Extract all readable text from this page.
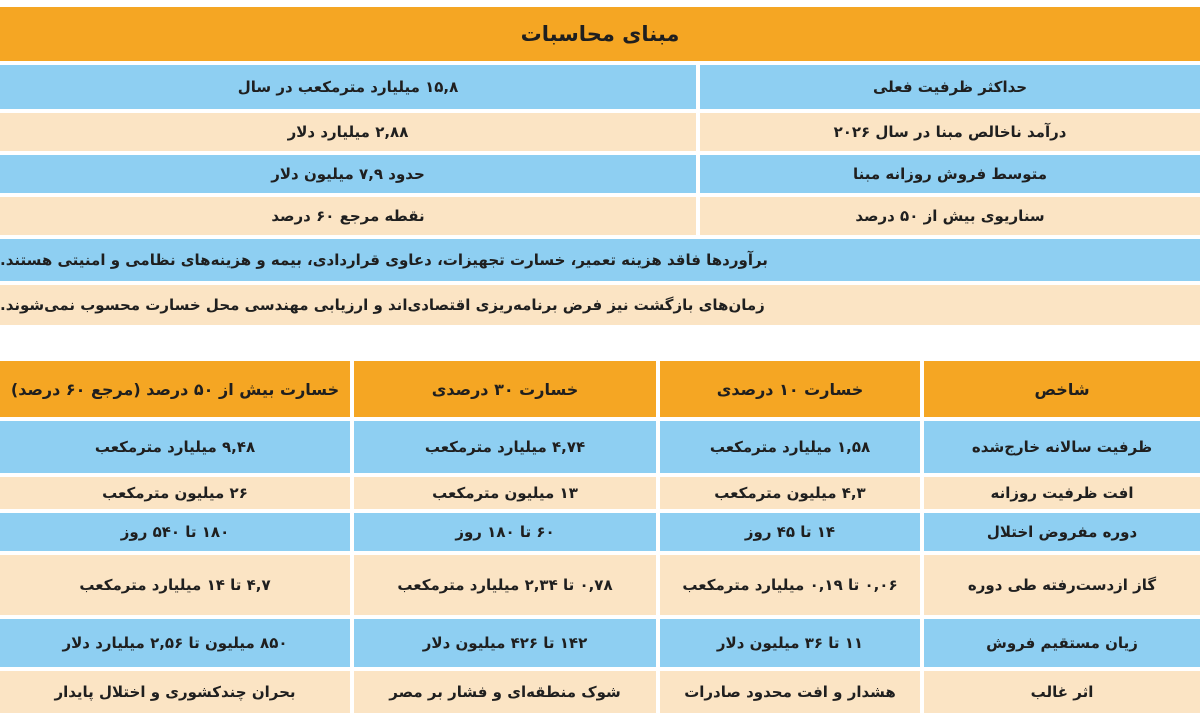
مبنای محاسبات
حداکثر ظرفیت فعلی
۱۵,۸ میلیارد مترمکعب در سال
درآمد ناخالص مبنا در سال ۲۰۲۶
۲,۸۸ میلیارد دلار
متوسط فروش روزانه مبنا
حدود ۷,۹ میلیون دلار
سناریوی بیش از ۵۰ درصد
نقطه مرجع ۶۰ درصد
برآوردها فاقد هزینه تعمیر، خسارت تجهیزات، دعاوی قراردادی، بیمه و هزینه‌های نظامی و امنیتی هستند.
زمان‌های بازگشت نیز فرض برنامه‌ریزی اقتصادی‌اند و ارزیابی مهندسی محل خسارت محسوب نمی‌شوند.
شاخص
خسارت ۱۰ درصدی
خسارت ۳۰ درصدی
خسارت بیش از ۵۰ درصد (مرجع ۶۰ درصد)
ظرفیت سالانه خارج‌شده
۱,۵۸ میلیارد مترمکعب
۴,۷۴ میلیارد مترمکعب
۹,۴۸ میلیارد مترمکعب
افت ظرفیت روزانه
۴,۳ میلیون مترمکعب
۱۳ میلیون مترمکعب
۲۶ میلیون مترمکعب
دوره مفروض اختلال
۱۴ تا ۴۵ روز
۶۰ تا ۱۸۰ روز
۱۸۰ تا ۵۴۰ روز
گاز ازدست‌رفته طی دوره
۰,۰۶ تا ۰,۱۹ میلیارد مترمکعب
۰,۷۸ تا ۲,۳۴ میلیارد مترمکعب
۴,۷ تا ۱۴ میلیارد مترمکعب
زیان مستقیم فروش
۱۱ تا ۳۶ میلیون دلار
۱۴۲ تا ۴۲۶ میلیون دلار
۸۵۰ میلیون تا ۲,۵۶ میلیارد دلار
اثر غالب
هشدار و افت محدود صادرات
شوک منطقه‌ای و فشار بر مصر
بحران چندکشوری و اختلال پایدار
